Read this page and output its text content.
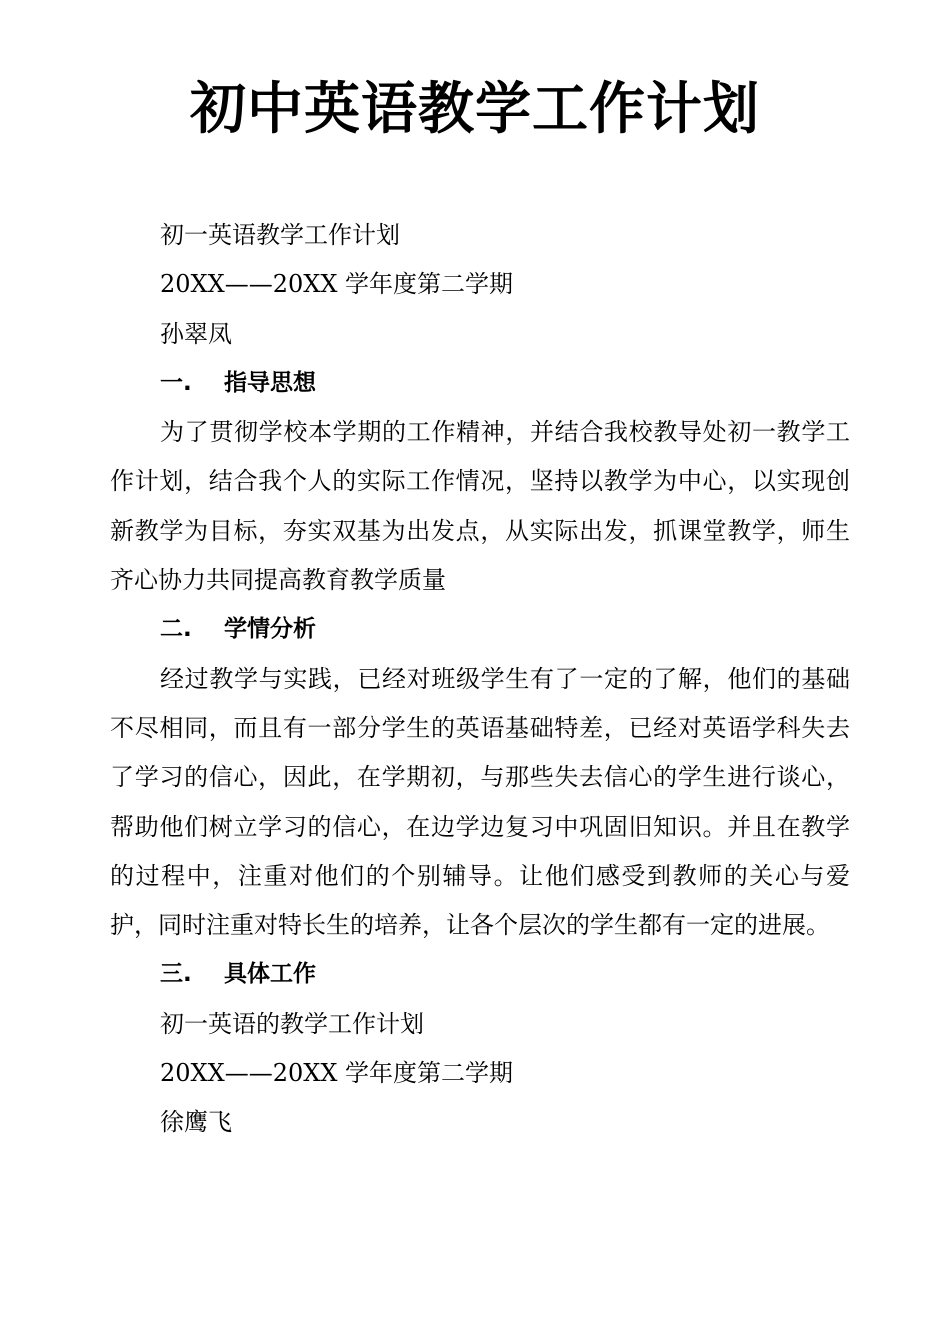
初中英语教学工作计划

初一英语教学工作计划

20XX——20XX 学年度第二学期

孙翠凤

一. 指导思想

为了贯彻学校本学期的工作精神，并结合我校教导处初一教学工作计划，结合我个人的实际工作情况，坚持以教学为中心，以实现创新教学为目标，夯实双基为出发点，从实际出发，抓课堂教学，师生齐心协力共同提高教育教学质量

二. 学情分析

经过教学与实践，已经对班级学生有了一定的了解，他们的基础不尽相同，而且有一部分学生的英语基础特差，已经对英语学科失去了学习的信心，因此，在学期初，与那些失去信心的学生进行谈心，帮助他们树立学习的信心，在边学边复习中巩固旧知识。并且在教学的过程中，注重对他们的个别辅导。让他们感受到教师的关心与爱护，同时注重对特长生的培养，让各个层次的学生都有一定的进展。

三. 具体工作

初一英语的教学工作计划

20XX——20XX 学年度第二学期

徐鹰飞
